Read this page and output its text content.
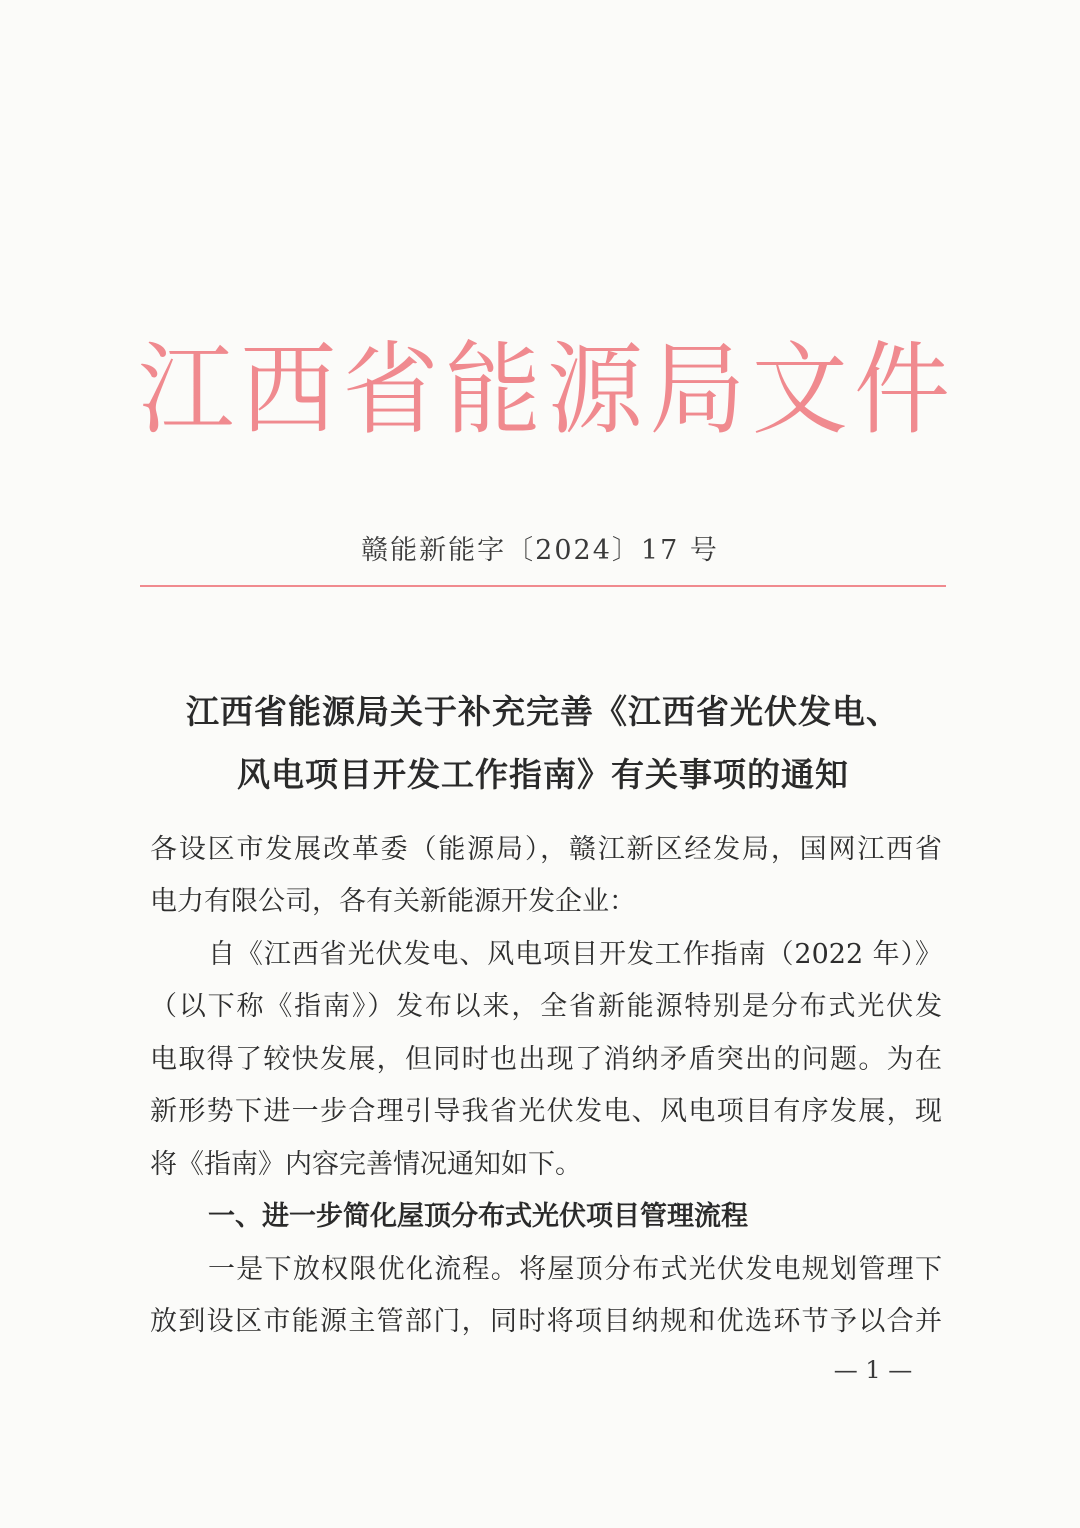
江 西 省 能 源 局 文 件
赣能新能字〔2024〕17 号
江西省能源局关于补充完善《江西省光伏发电、
风电项目开发工作指南》有关事项的通知
各设区市发展改革委（能源局），赣江新区经发局，国网江西省
电力有限公司，各有关新能源开发企业：
自《江西省光伏发电、风电项目开发工作指南（2022 年）》
（以下称《指南》）发布以来，全省新能源特别是分布式光伏发
电取得了较快发展，但同时也出现了消纳矛盾突出的问题。为在
新形势下进一步合理引导我省光伏发电、风电项目有序发展，现
将《指南》内容完善情况通知如下。
一、进一步简化屋顶分布式光伏项目管理流程
一是下放权限优化流程。将屋顶分布式光伏发电规划管理下
放到设区市能源主管部门，同时将项目纳规和优选环节予以合并
— 1 —
